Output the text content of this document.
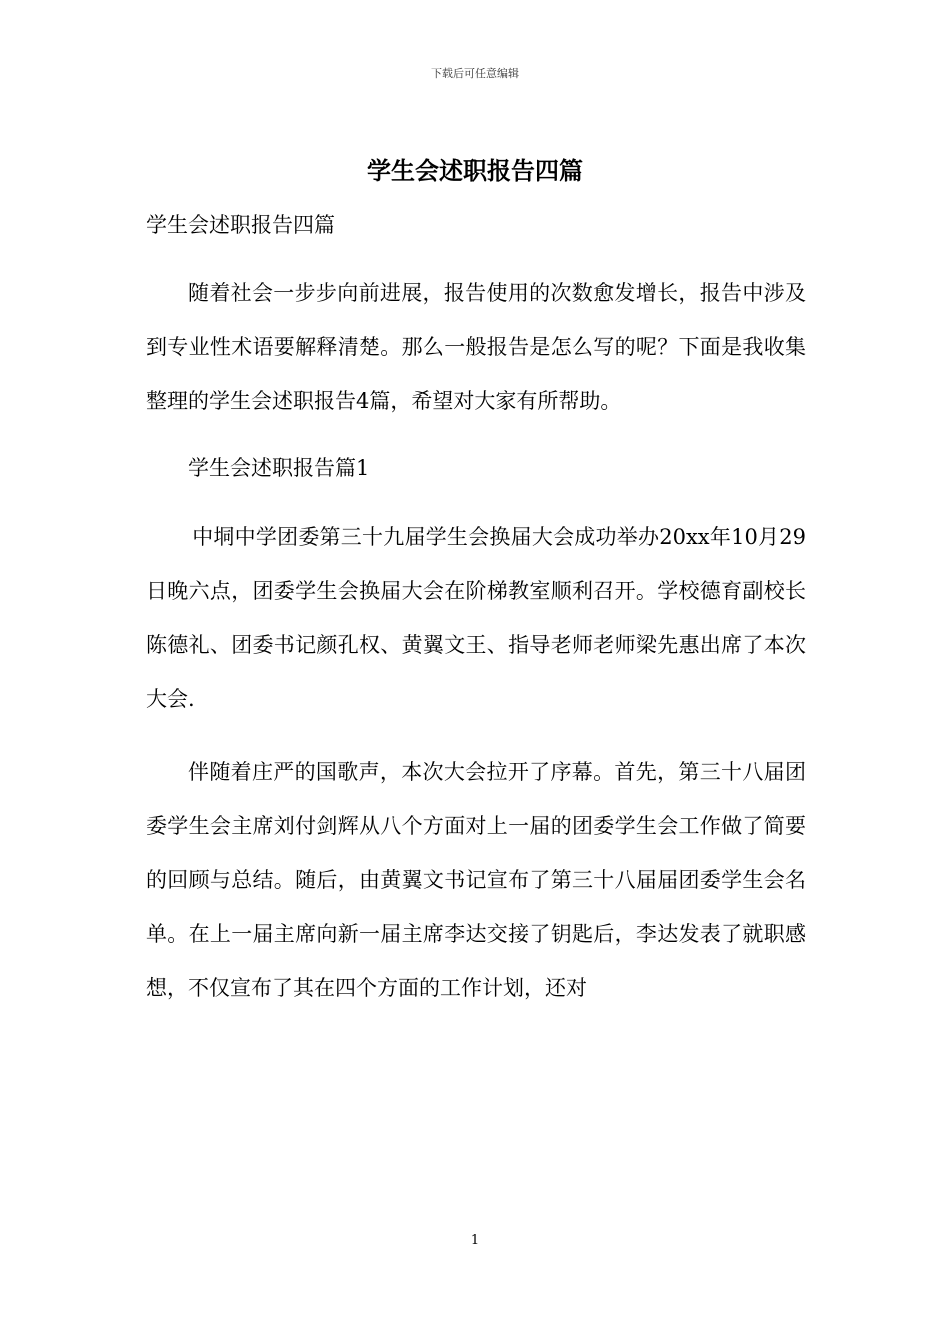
下载后可任意编辑
学生会述职报告四篇

学生会述职报告四篇

随着社会一步步向前进展，报告使用的次数愈发增长，报告中涉及到专业性术语要解释清楚。那么一般报告是怎么写的呢？下面是我收集整理的学生会述职报告4篇，希望对大家有所帮助。

学生会述职报告篇1

中垌中学团委第三十九届学生会换届大会成功举办20xx年10月29日晚六点，团委学生会换届大会在阶梯教室顺利召开。学校德育副校长陈德礼、团委书记颜孔权、黄翼文王、指导老师老师梁先惠出席了本次大会.

伴随着庄严的国歌声，本次大会拉开了序幕。首先，第三十八届团委学生会主席刘付剑辉从八个方面对上一届的团委学生会工作做了简要的回顾与总结。随后，由黄翼文书记宣布了第三十八届届团委学生会名单。在上一届主席向新一届主席李达交接了钥匙后，李达发表了就职感想，不仅宣布了其在四个方面的工作计划，还对

1
